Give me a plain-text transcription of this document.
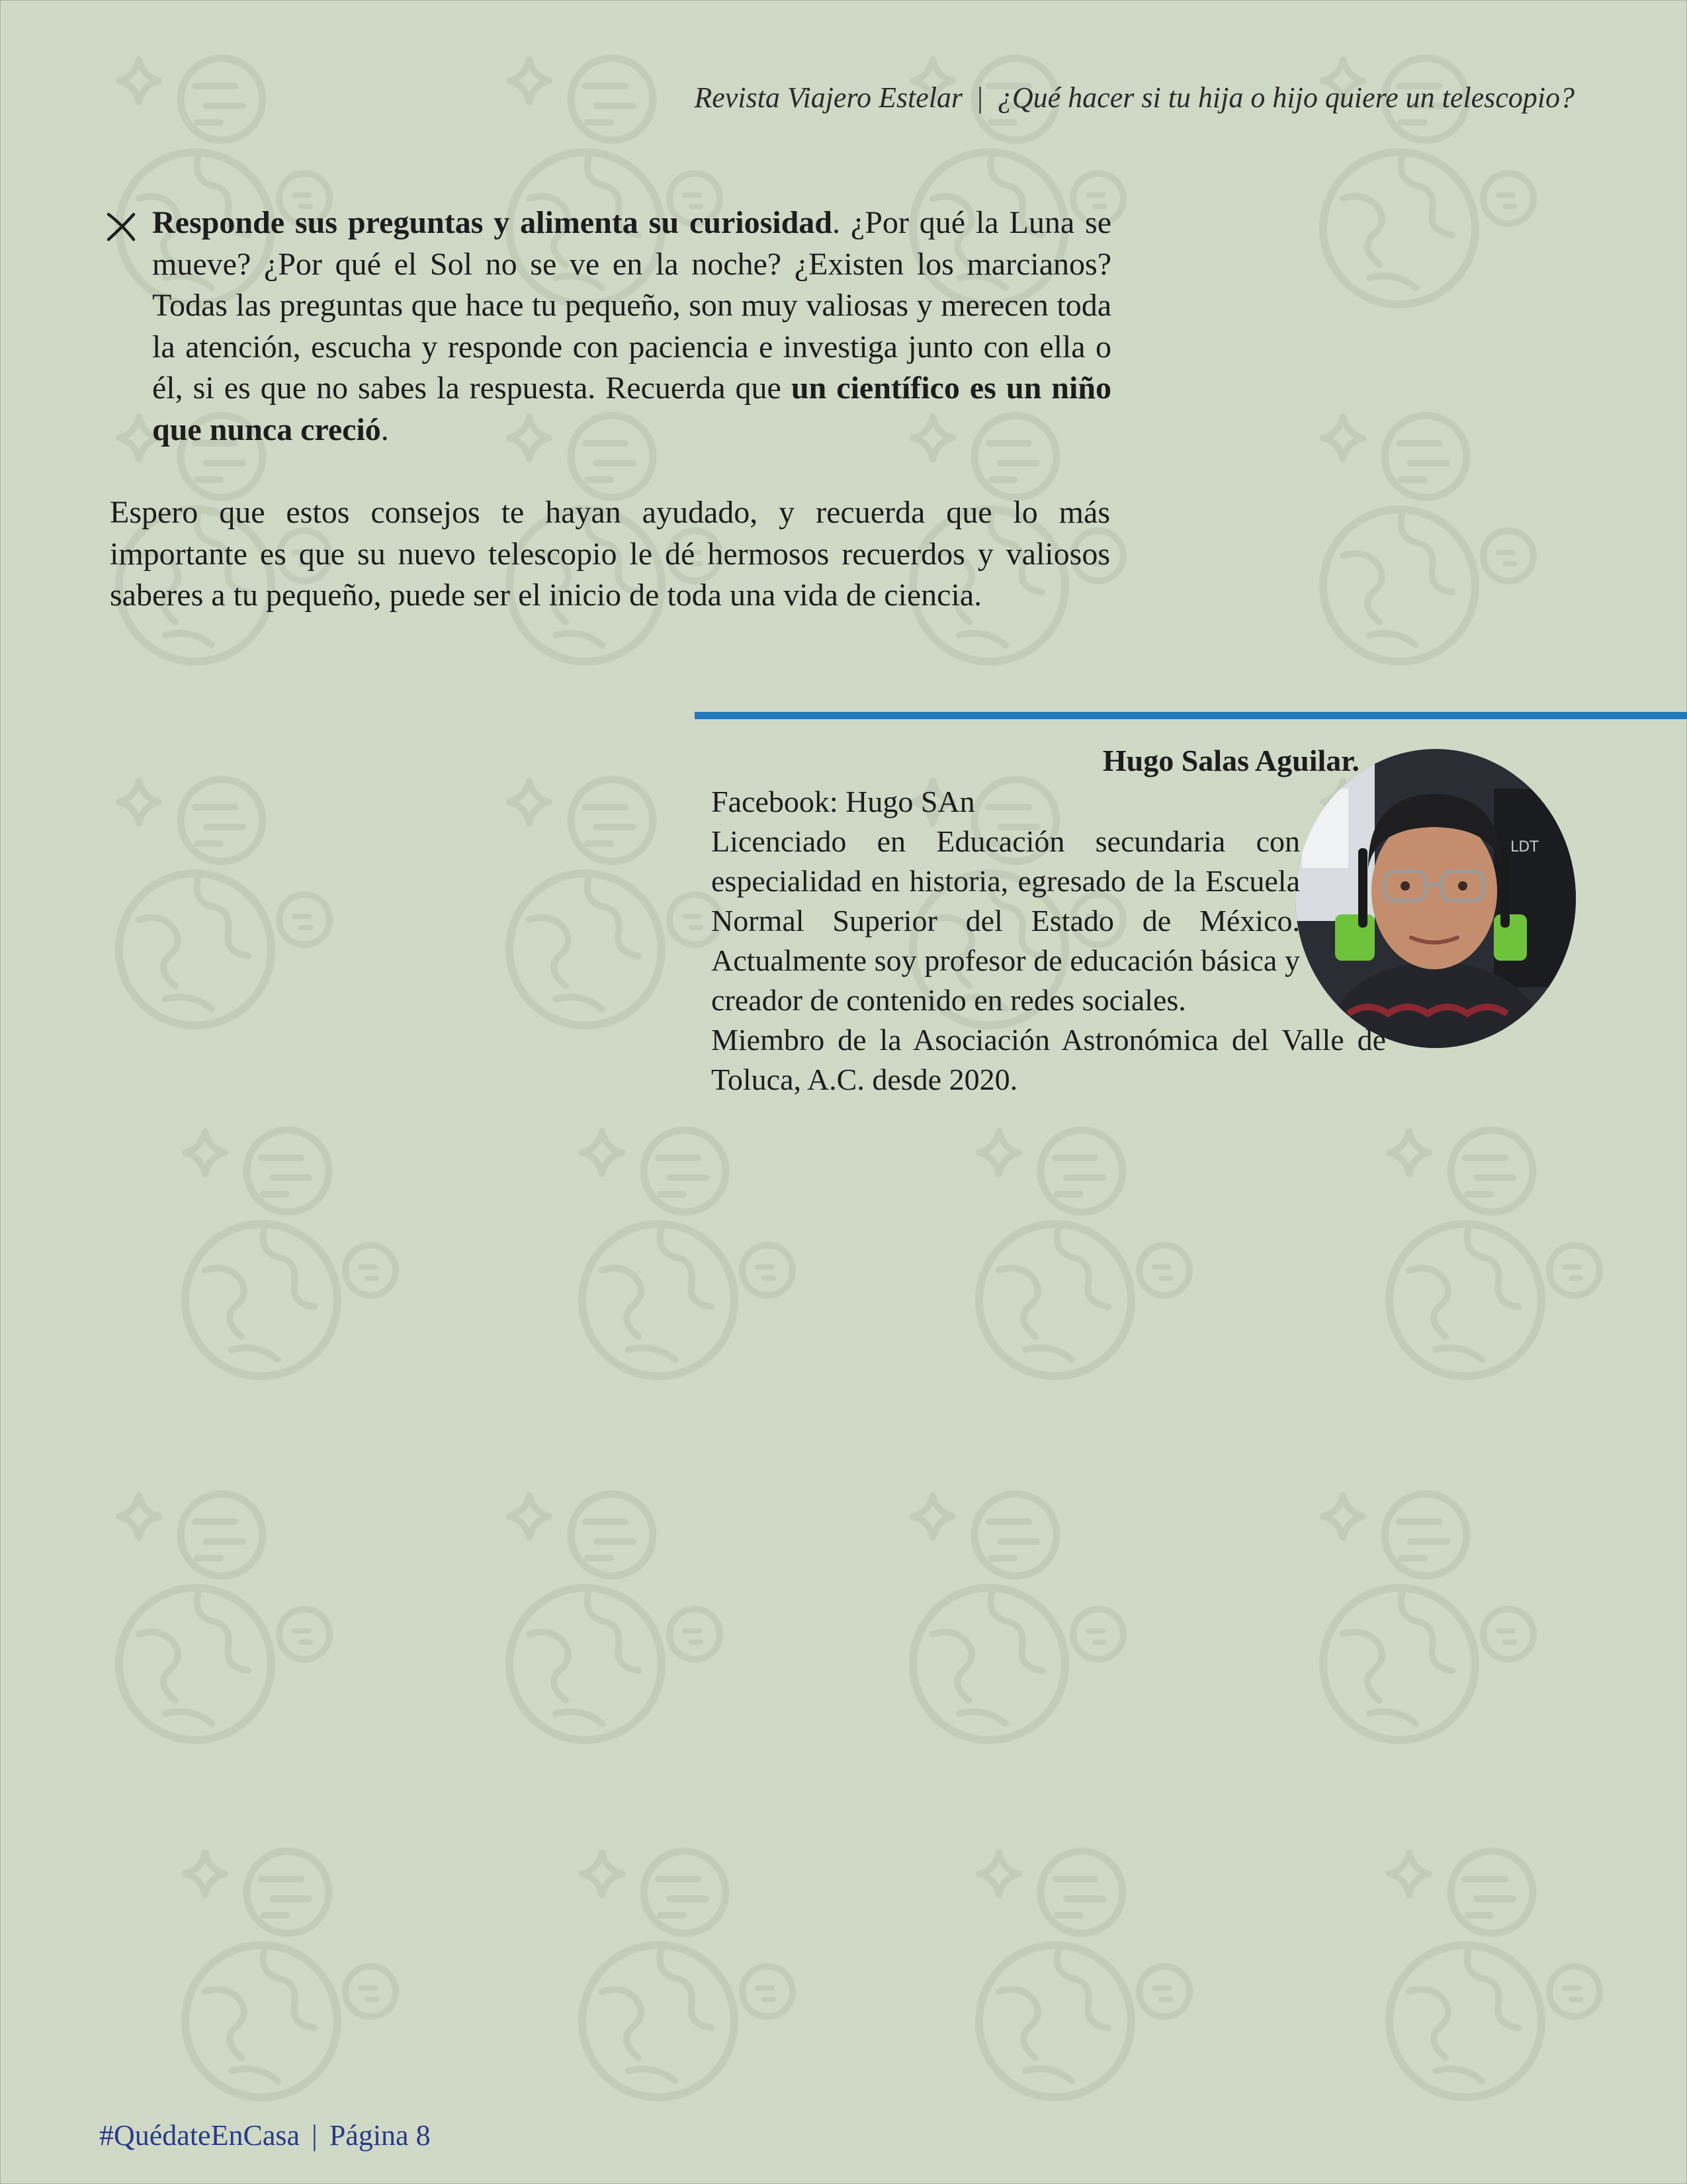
Revista Viajero Estelar | ¿Qué hacer si tu hija o hijo quiere un telescopio?

Responde sus preguntas y alimenta su curiosidad. ¿Por qué la Luna se mueve? ¿Por qué el Sol no se ve en la noche? ¿Existen los marcianos? Todas las preguntas que hace tu pequeño, son muy valiosas y merecen toda la atención, escucha y responde con paciencia e investiga junto con ella o él, si es que no sabes la respuesta. Recuerda que un científico es un niño que nunca creció.

Espero que estos consejos te hayan ayudado, y recuerda que lo más importante es que su nuevo telescopio le dé hermosos recuerdos y valiosos saberes a tu pequeño, puede ser el inicio de toda una vida de ciencia.

LDT
Hugo Salas Aguilar.
Facebook: Hugo SAn
Licenciado en Educación secundaria con especialidad en historia, egresado de la Escuela Normal Superior del Estado de México. Actualmente soy profesor de educación básica y creador de contenido en redes sociales.
Miembro de la Asociación Astronómica del Valle de Toluca, A.C. desde 2020.
#QuédateEnCasa | Página 8
